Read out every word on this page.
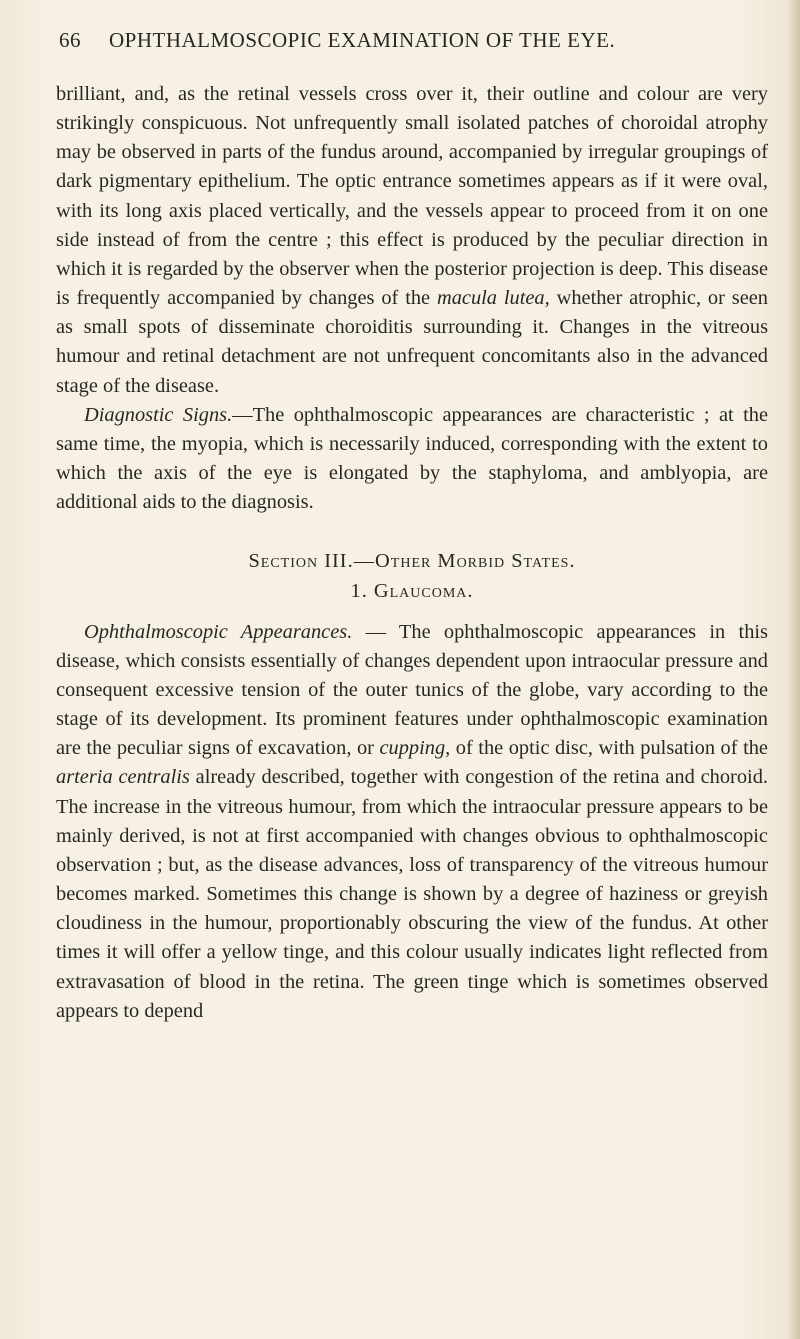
66 OPHTHALMOSCOPIC EXAMINATION OF THE EYE.

brilliant, and, as the retinal vessels cross over it, their outline and colour are very strikingly conspicuous. Not unfrequently small isolated patches of choroidal atrophy may be observed in parts of the fundus around, accompanied by irregular groupings of dark pigmentary epithelium. The optic entrance sometimes appears as if it were oval, with its long axis placed vertically, and the vessels appear to proceed from it on one side instead of from the centre ; this effect is produced by the peculiar direction in which it is regarded by the observer when the posterior projection is deep. This disease is frequently accompanied by changes of the macula lutea, whether atrophic, or seen as small spots of disseminate choroiditis surrounding it. Changes in the vitreous humour and retinal detachment are not unfrequent concomitants also in the advanced stage of the disease.

Diagnostic Signs.—The ophthalmoscopic appearances are characteristic ; at the same time, the myopia, which is necessarily induced, corresponding with the extent to which the axis of the eye is elongated by the staphyloma, and amblyopia, are additional aids to the diagnosis.

Section III.—Other Morbid States.
1. Glaucoma.

Ophthalmoscopic Appearances. — The ophthalmoscopic appearances in this disease, which consists essentially of changes dependent upon intraocular pressure and consequent excessive tension of the outer tunics of the globe, vary according to the stage of its development. Its prominent features under ophthalmoscopic examination are the peculiar signs of excavation, or cupping, of the optic disc, with pulsation of the arteria centralis already described, together with congestion of the retina and choroid. The increase in the vitreous humour, from which the intraocular pressure appears to be mainly derived, is not at first accompanied with changes obvious to ophthalmoscopic observation ; but, as the disease advances, loss of transparency of the vitreous humour becomes marked. Sometimes this change is shown by a degree of haziness or greyish cloudiness in the humour, proportionably obscuring the view of the fundus. At other times it will offer a yellow tinge, and this colour usually indicates light reflected from extravasation of blood in the retina. The green tinge which is sometimes observed appears to depend
